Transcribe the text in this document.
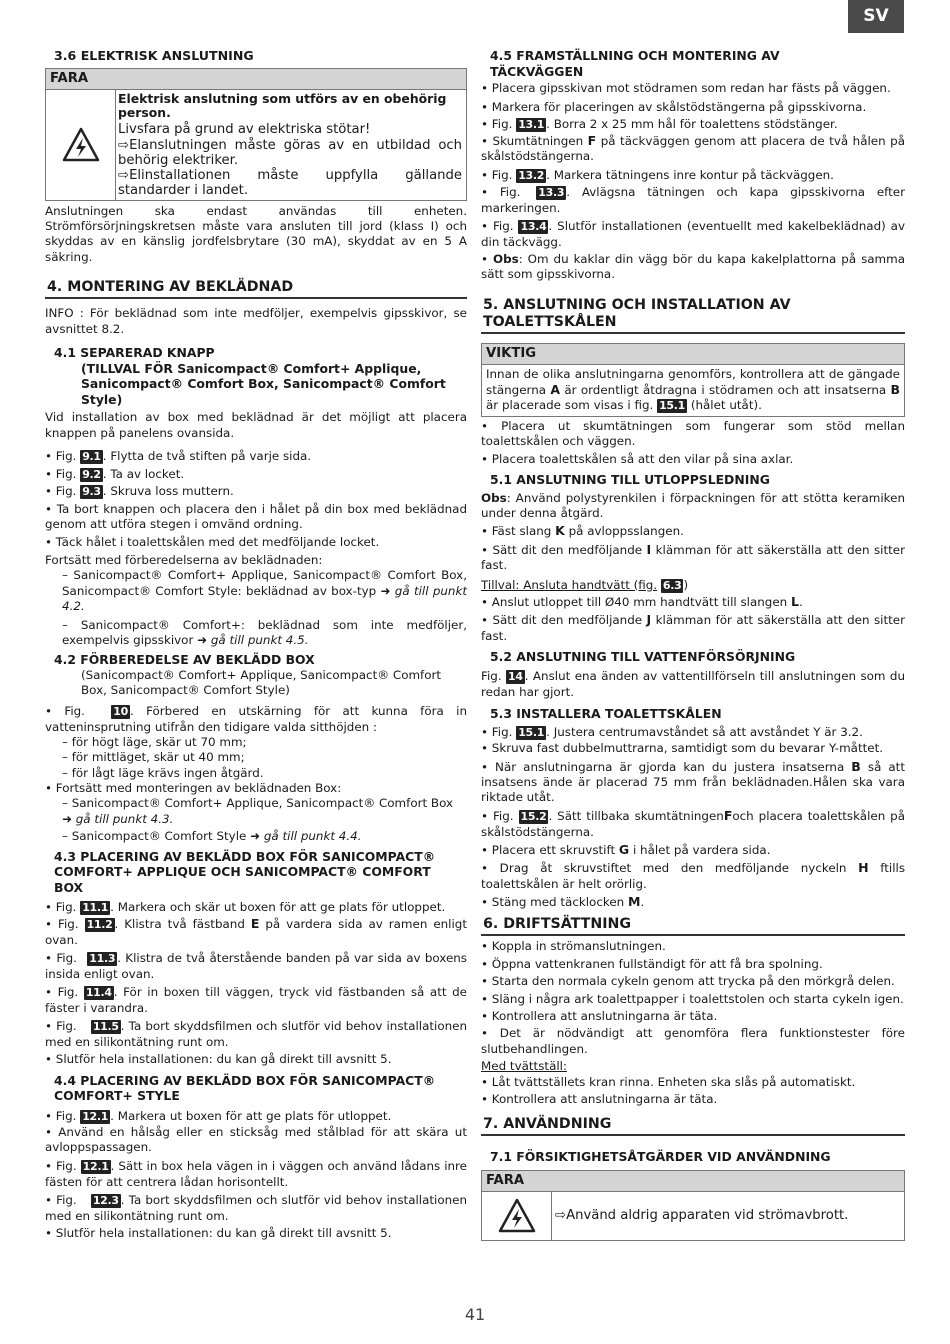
SV

3.6 ELEKTRISK ANSLUTNING

FARA

Elektrisk anslutning som utförs av en obehörig person.

Livsfara på grund av elektriska stötar!

⇨Elanslutningen måste göras av en utbildad och behörig elektriker.

⇨Elinstallationen måste uppfylla gällande standarder i landet.

Anslutningen ska endast användas till enheten. Strömförsörjningskretsen måste vara ansluten till jord (klass I) och skyddas av en känslig jordfelsbrytare (30 mA), skyddat av en 5 A säkring.

4. MONTERING AV BEKLÄDNAD

INFO : För beklädnad som inte medföljer, exempelvis gipsskivor, se avsnittet 8.2.

4.1 SEPARERAD KNAPP

(TILLVAL FÖR Sanicompact® Comfort+ Applique, Sanicompact® Comfort Box, Sanicompact® Comfort Style)

Vid installation av box med beklädnad är det möjligt att placera knappen på panelens ovansida.

• Fig. 9.1 . Flytta de två stiften på varje sida.

• Fig. 9.2 . Ta av locket.

• Fig. 9.3 . Skruva loss muttern.

• Ta bort knappen och placera den i hålet på din box med beklädnad genom att utföra stegen i omvänd ordning.

• Täck hålet i toalettskålen med det medföljande locket.

Fortsätt med förberedelserna av beklädnaden:

– Sanicompact® Comfort+ Applique, Sanicompact® Comfort Box, Sanicompact® Comfort Style: beklädnad av box-typ ➜ gå till punkt 4.2.

– Sanicompact® Comfort+: beklädnad som inte medföljer, exempelvis gipsskivor ➜ gå till punkt 4.5.

4.2 FÖRBEREDELSE AV BEKLÄDD BOX

(Sanicompact® Comfort+ Applique, Sanicompact® Comfort Box, Sanicompact® Comfort Style)

• Fig.	10 . Förbered en utskärning för att kunna föra in vatteninsprutning utifrån den tidigare valda sitthöjden :

– för högt läge, skär ut 70 mm;

– för mittläget, skär ut 40 mm;

– för lågt läge krävs ingen åtgärd.

• Fortsätt med monteringen av beklädnaden Box:

– Sanicompact® Comfort+ Applique, Sanicompact® Comfort Box
➜ gå till punkt 4.3.

– Sanicompact® Comfort Style ➜ gå till punkt 4.4.

4.3 PLACERING AV BEKLÄDD BOX FÖR SANICOMPACT® COMFORT+ APPLIQUE OCH SANICOMPACT® COMFORT BOX

• Fig. 11.1 . Markera och skär ut boxen för att ge plats för utloppet.

• Fig. 11.2 . Klistra två fästband E på vardera sida av ramen enligt ovan.

• Fig. 11.3 . Klistra de två återstående banden på var sida av boxens insida enligt ovan.

• Fig. 11.4 . För in boxen till väggen, tryck vid fästbanden så att de fäster i varandra.

• Fig. 11.5 . Ta bort skyddsfilmen och slutför vid behov installationen med en silikontätning runt om.

• Slutför hela installationen: du kan gå direkt till avsnitt 5.

4.4 PLACERING AV BEKLÄDD BOX FÖR SANICOMPACT® COMFORT+ STYLE

• Fig. 12.1 . Markera ut boxen för att ge plats för utloppet.

• Använd en hålsåg eller en sticksåg med stålblad för att skära ut avloppspassagen.

• Fig. 12.1 . Sätt in box hela vägen in i väggen och använd lådans inre fästen för att centrera lådan horisontellt.

• Fig. 12.3 . Ta bort skyddsfilmen och slutför vid behov installationen med en silikontätning runt om.

• Slutför hela installationen: du kan gå direkt till avsnitt 5.

4.5 FRAMSTÄLLNING OCH MONTERING AV TÄCKVÄGGEN

• Placera gipsskivan mot stödramen som redan har fästs på väggen.

• Markera för placeringen av skålstödstängerna på gipsskivorna.

• Fig. 13.1 . Borra 2 x 25 mm hål för toalettens stödstänger.

• Skumtätningen F på täckväggen genom att placera de två hålen på skålstödstängerna.

• Fig. 13.2 . Markera tätningens inre kontur på täckväggen.

• Fig. 13.3 . Avlägsna tätningen och kapa gipsskivorna efter markeringen.

• Fig. 13.4 . Slutför installationen (eventuellt med kakelbeklädnad) av din täckvägg.

• Obs: Om du kaklar din vägg bör du kapa kakelplattorna på samma sätt som gipsskivorna.

5. ANSLUTNING OCH INSTALLATION AV TOALETTSKÅLEN

VIKTIG

Innan de olika anslutningarna genomförs, kontrollera att de gängade stängerna A är ordentligt åtdragna i stödramen och att insatserna B är placerade som visas i fig. 15.1 (hålet utåt).

• Placera ut skumtätningen som fungerar som stöd mellan toalettskålen och väggen.

• Placera toalettskålen så att den vilar på sina axlar.

5.1 ANSLUTNING TILL UTLOPPSLEDNING

Obs: Använd polystyrenkilen i förpackningen för att stötta keramiken under denna åtgärd.

• Fäst slang K på avloppsslangen.

• Sätt dit den medföljande I klämman för att säkerställa att den sitter fast.

Tillval: Ansluta handtvätt (fig. 6.3 )

• Anslut utloppet till Ø40 mm handtvätt till slangen L.

• Sätt dit den medföljande J klämman för att säkerställa att den sitter fast.

5.2 ANSLUTNING TILL VATTENFÖRSÖRJNING

Fig. 14 . Anslut ena änden av vattentillförseln till anslutningen som du redan har gjort.

5.3 INSTALLERA TOALETTSKÅLEN

• Fig. 15.1 . Justera centrumavståndet så att avståndet Y är 3.2.

• Skruva fast dubbelmuttrarna, samtidigt som du bevarar Y-måttet.

• När anslutningarna är gjorda kan du justera insatserna B så att insatsens ände är placerad 75 mm från beklädnaden.Hålen ska vara riktade utåt.

• Fig. 15.2 . Sätt tillbaka skumtätningenFoch placera toalettskålen på skålstödstängerna.

• Placera ett skruvstift G i hålet på vardera sida.

• Drag åt skruvstiftet med den medföljande nyckeln H ftills toalettskålen är helt orörlig.

• Stäng med täcklocken M.

6. DRIFTSÄTTNING

• Koppla in strömanslutningen.

• Öppna vattenkranen fullständigt för att få bra spolning.

• Starta den normala cykeln genom att trycka på den mörkgrå delen.

• Släng i några ark toalettpapper i toalettstolen och starta cykeln igen.

• Kontrollera att anslutningarna är täta.

• Det är nödvändigt att genomföra flera funktionstester före slutbehandlingen.

Med tvättställ:

• Låt tvättställets kran rinna. Enheten ska slås på automatiskt.

• Kontrollera att anslutningarna är täta.

7. ANVÄNDNING

7.1 FÖRSIKTIGHETSÅTGÄRDER VID ANVÄNDNING

FARA
⇨ Använd aldrig apparaten vid strömavbrott.
41
